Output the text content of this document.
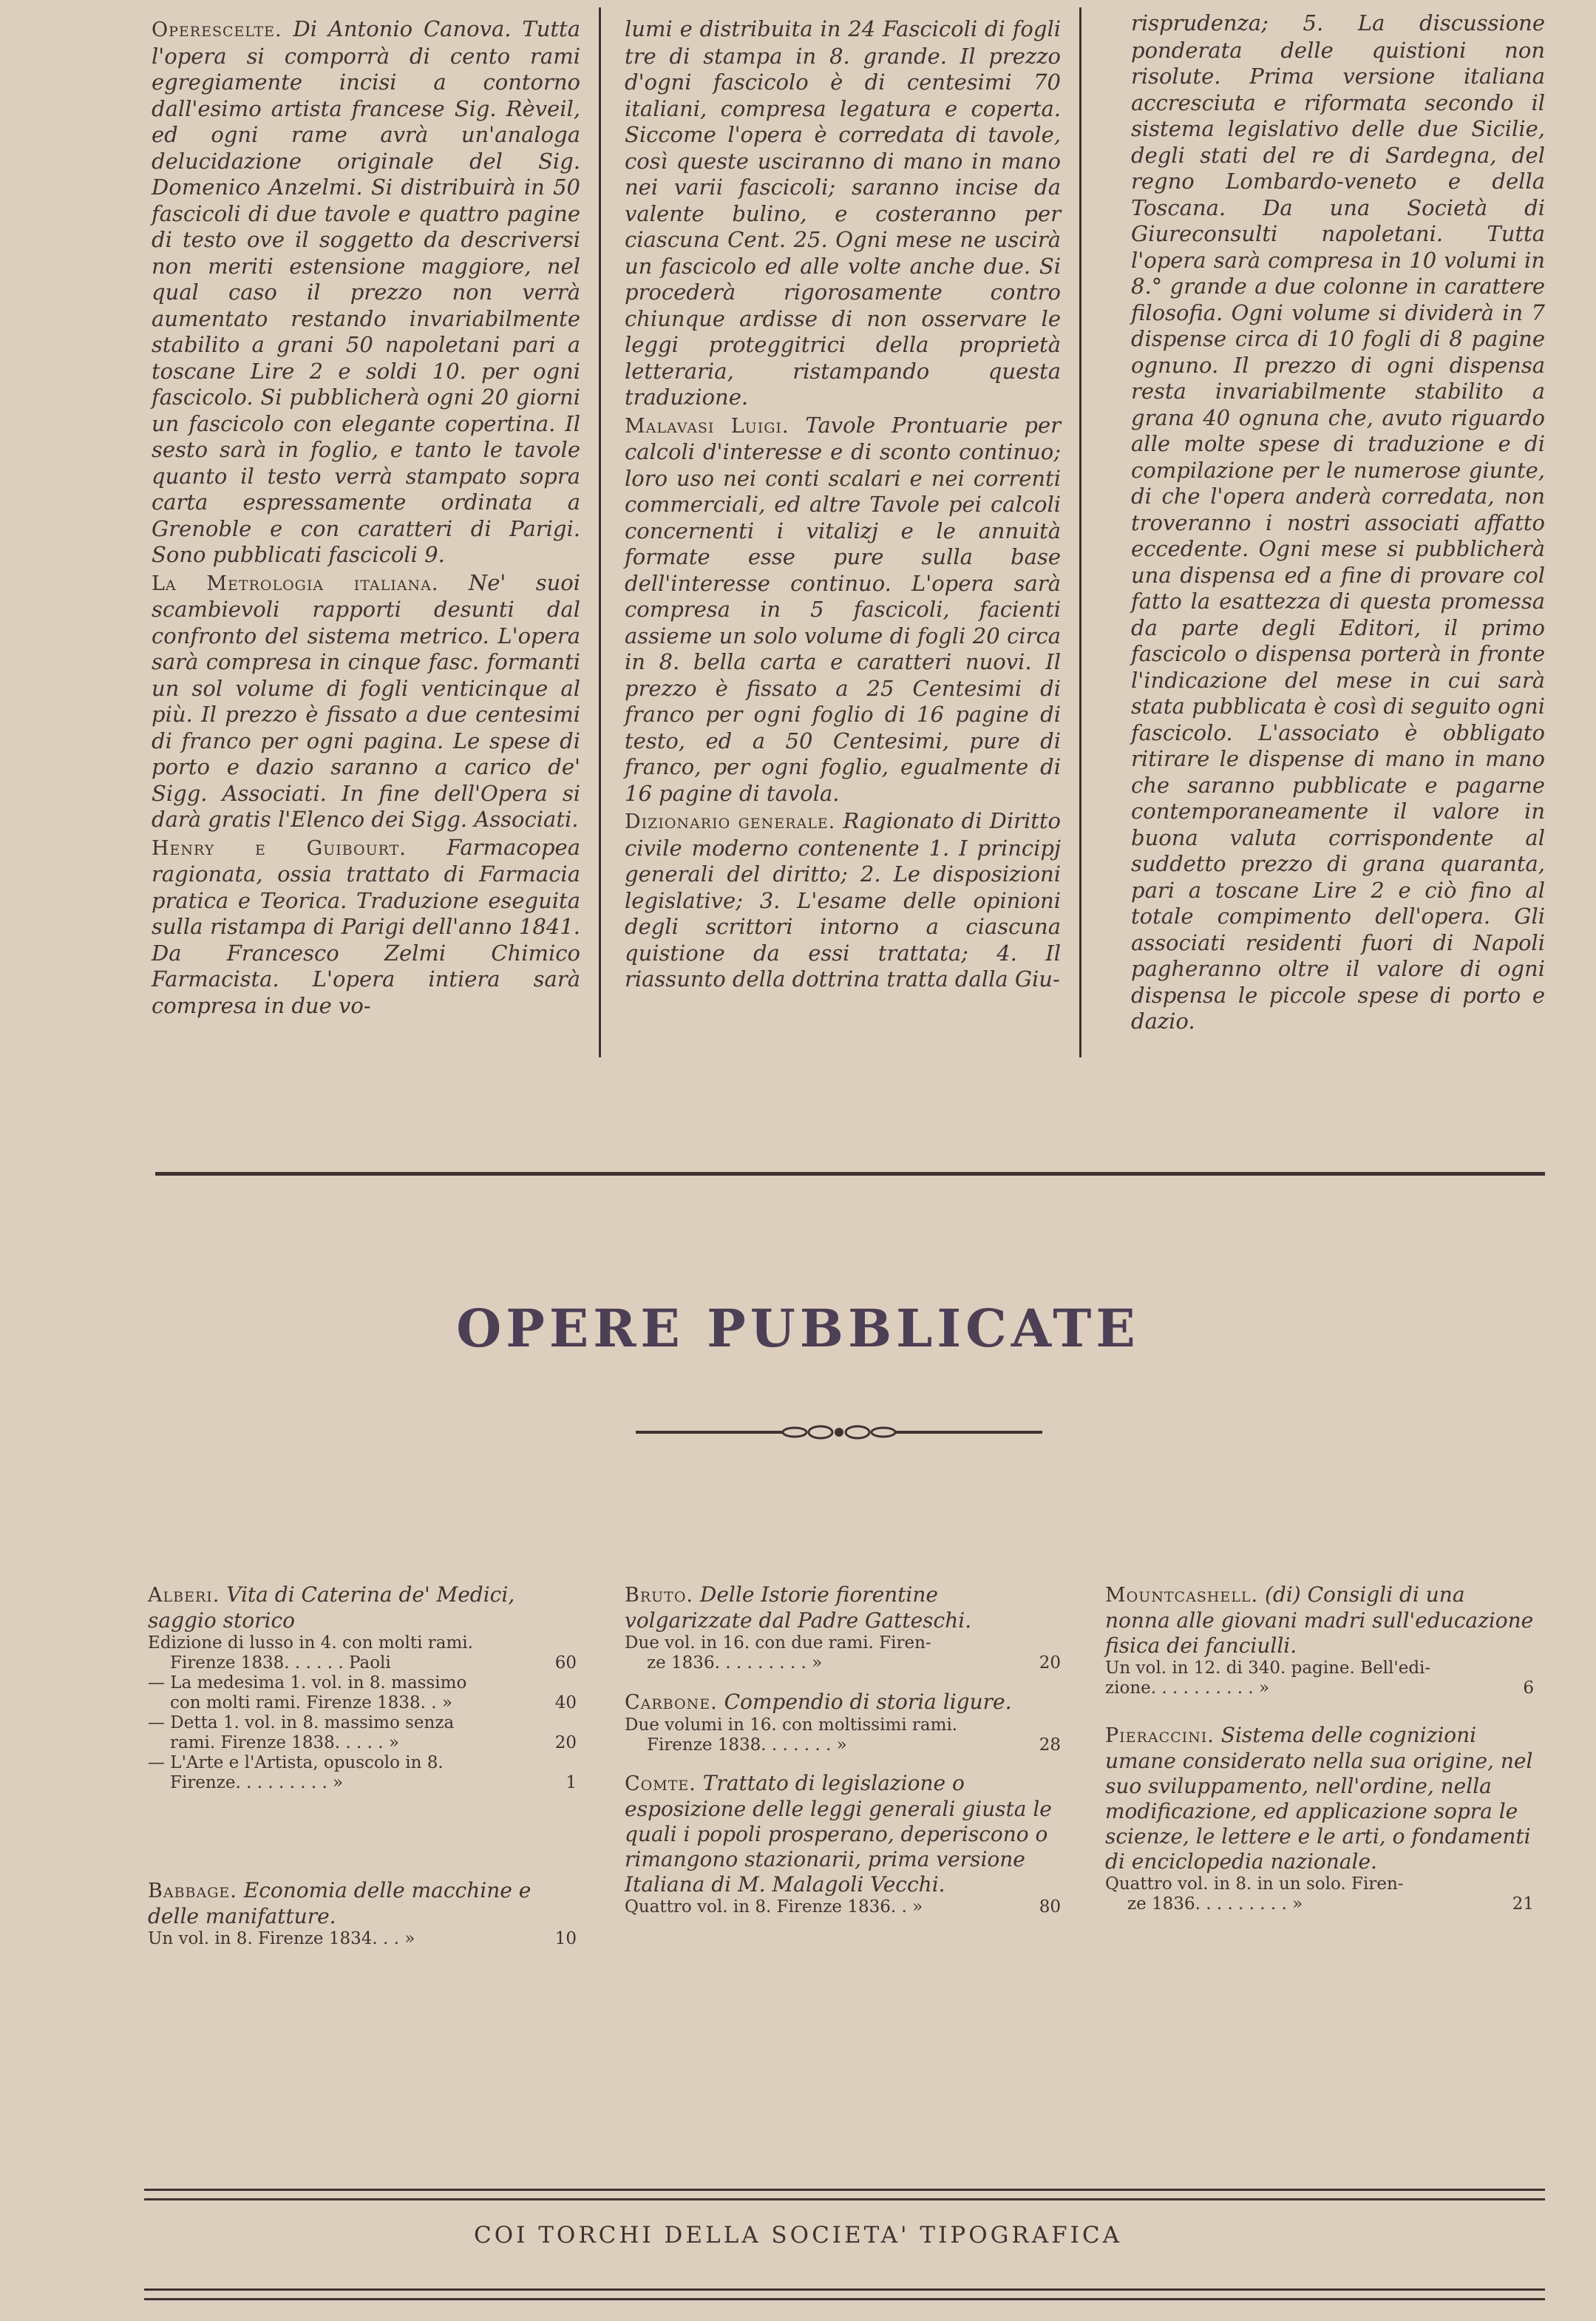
Operescelte. Di Antonio Canova. Tutta l'opera si comporrà di cento rami egregiamente incisi a contorno dall'esimo artista francese Sig. Rèveil, ed ogni rame avrà un'analoga delucidazione originale del Sig. Domenico Anzelmi. Si distribuirà in 50 fascicoli di due tavole e quattro pagine di testo ove il soggetto da descriversi non meriti estensione maggiore, nel qual caso il prezzo non verrà aumentato restando invariabilmente stabilito a grani 50 napoletani pari a toscane Lire 2 e soldi 10. per ogni fascicolo. Si pubblicherà ogni 20 giorni un fascicolo con elegante copertina. Il sesto sarà in foglio, e tanto le tavole quanto il testo verrà stampato sopra carta espressamente ordinata a Grenoble e con caratteri di Parigi. Sono pubblicati fascicoli 9.

La Metrologia italiana. Ne' suoi scambievoli rapporti desunti dal confronto del sistema metrico. L'opera sarà compresa in cinque fasc. formanti un sol volume di fogli venticinque al più. Il prezzo è fissato a due centesimi di franco per ogni pagina. Le spese di porto e dazio saranno a carico de' Sigg. Associati. In fine dell'Opera si darà gratis l'Elenco dei Sigg. Associati.

Henry e Guibourt. Farmacopea ragionata, ossia trattato di Farmacia pratica e Teorica. Traduzione eseguita sulla ristampa di Parigi dell'anno 1841. Da Francesco Zelmi Chimico Farmacista. L'opera intiera sarà compresa in due vo-

lumi e distribuita in 24 Fascicoli di fogli tre di stampa in 8. grande. Il prezzo d'ogni fascicolo è di centesimi 70 italiani, compresa legatura e coperta. Siccome l'opera è corredata di tavole, così queste usciranno di mano in mano nei varii fascicoli; saranno incise da valente bulino, e costeranno per ciascuna Cent. 25. Ogni mese ne uscirà un fascicolo ed alle volte anche due. Si procederà rigorosamente contro chiunque ardisse di non osservare le leggi proteggitrici della proprietà letteraria, ristampando questa traduzione.

Malavasi Luigi. Tavole Prontuarie per calcoli d'interesse e di sconto continuo; loro uso nei conti scalari e nei correnti commerciali, ed altre Tavole pei calcoli concernenti i vitalizj e le annuità formate esse pure sulla base dell'interesse continuo. L'opera sarà compresa in 5 fascicoli, facienti assieme un solo volume di fogli 20 circa in 8. bella carta e caratteri nuovi. Il prezzo è fissato a 25 Centesimi di franco per ogni foglio di 16 pagine di testo, ed a 50 Centesimi, pure di franco, per ogni foglio, egualmente di 16 pagine di tavola.

Dizionario generale. Ragionato di Diritto civile moderno contenente 1. I principj generali del diritto; 2. Le disposizioni legislative; 3. L'esame delle opinioni degli scrittori intorno a ciascuna quistione da essi trattata; 4. Il riassunto della dottrina tratta dalla Giu-

risprudenza; 5. La discussione ponderata delle quistioni non risolute. Prima versione italiana accresciuta e riformata secondo il sistema legislativo delle due Sicilie, degli stati del re di Sardegna, del regno Lombardo-veneto e della Toscana. Da una Società di Giureconsulti napoletani. Tutta l'opera sarà compresa in 10 volumi in 8.° grande a due colonne in carattere filosofia. Ogni volume si dividerà in 7 dispense circa di 10 fogli di 8 pagine ognuno. Il prezzo di ogni dispensa resta invariabilmente stabilito a grana 40 ognuna che, avuto riguardo alle molte spese di traduzione e di compilazione per le numerose giunte, di che l'opera anderà corredata, non troveranno i nostri associati affatto eccedente. Ogni mese si pubblicherà una dispensa ed a fine di provare col fatto la esattezza di questa promessa da parte degli Editori, il primo fascicolo o dispensa porterà in fronte l'indicazione del mese in cui sarà stata pubblicata è così di seguito ogni fascicolo. L'associato è obbligato ritirare le dispense di mano in mano che saranno pubblicate e pagarne contemporaneamente il valore in buona valuta corrispondente al suddetto prezzo di grana quaranta, pari a toscane Lire 2 e ciò fino al totale compimento dell'opera. Gli associati residenti fuori di Napoli pagheranno oltre il valore di ogni dispensa le piccole spese di porto e dazio.

OPERE PUBBLICATE
Alberi. Vita di Caterina de' Medici, saggio storico
Edizione di lusso in 4. con molti rami.
Firenze 1838. . . . . . Paoli	60
— La medesima 1. vol. in 8. massimo
con molti rami. Firenze 1838. . »	40
— Detta 1. vol. in 8. massimo senza
rami. Firenze 1838. . . . . »	20
— L'Arte e l'Artista, opuscolo in 8.
Firenze. . . . . . . . . »	1
Babbage. Economia delle macchine e delle manifatture.
Un vol. in 8. Firenze 1834. . . »	10
Bruto. Delle Istorie fiorentine volgarizzate dal Padre Gatteschi.
Due vol. in 16. con due rami. Firen-
ze 1836. . . . . . . . . »	20
Carbone. Compendio di storia ligure.
Due volumi in 16. con moltissimi rami.
Firenze 1838. . . . . . . »	28
Comte. Trattato di legislazione o esposizione delle leggi generali giusta le quali i popoli prosperano, deperiscono o rimangono stazionarii, prima versione Italiana di M. Malagoli Vecchi.
Quattro vol. in 8. Firenze 1836. . »	80
Mountcashell. (di) Consigli di una nonna alle giovani madri sull'educazione fisica dei fanciulli.
Un vol. in 12. di 340. pagine. Bell'edi-
zione. . . . . . . . . . »	6
Pieraccini. Sistema delle cognizioni umane considerato nella sua origine, nel suo sviluppamento, nell'ordine, nella modificazione, ed applicazione sopra le scienze, le lettere e le arti, o fondamenti di enciclopedia nazionale.
Quattro vol. in 8. in un solo. Firen-
ze 1836. . . . . . . . . »	21
COI TORCHI DELLA SOCIETA' TIPOGRAFICA
